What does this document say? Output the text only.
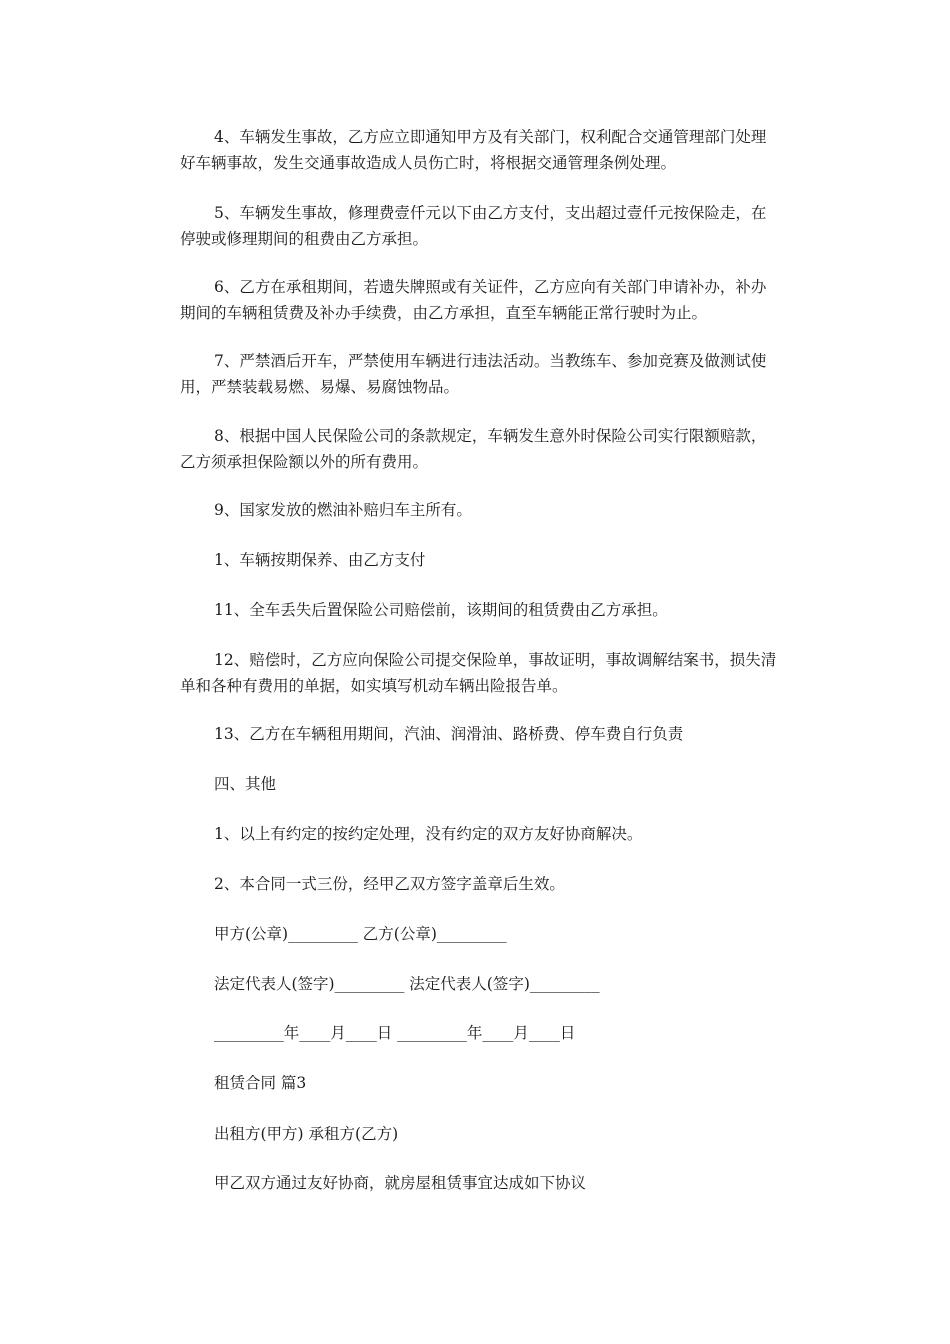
4、车辆发生事故，乙方应立即通知甲方及有关部门，权利配合交通管理部门处理好车辆事故，发生交通事故造成人员伤亡时，将根据交通管理条例处理。

5、车辆发生事故，修理费壹仟元以下由乙方支付，支出超过壹仟元按保险走，在停驶或修理期间的租费由乙方承担。

6、乙方在承租期间，若遗失牌照或有关证件，乙方应向有关部门申请补办，补办期间的车辆租赁费及补办手续费，由乙方承担，直至车辆能正常行驶时为止。

7、严禁酒后开车，严禁使用车辆进行违法活动。当教练车、参加竞赛及做测试使用，严禁装载易燃、易爆、易腐蚀物品。

8、根据中国人民保险公司的条款规定，车辆发生意外时保险公司实行限额赔款，乙方须承担保险额以外的所有费用。

9、国家发放的燃油补赔归车主所有。

1、车辆按期保养、由乙方支付

11、全车丢失后置保险公司赔偿前，该期间的租赁费由乙方承担。

12、赔偿时，乙方应向保险公司提交保险单，事故证明，事故调解结案书，损失清单和各种有费用的单据，如实填写机动车辆出险报告单。

13、乙方在车辆租用期间，汽油、润滑油、路桥费、停车费自行负责

四、其他

1、以上有约定的按约定处理，没有约定的双方友好协商解决。

2、本合同一式三份，经甲乙双方签字盖章后生效。

甲方(公章)_________ 乙方(公章)_________

法定代表人(签字)_________ 法定代表人(签字)_________

_________年____月____日 _________年____月____日

租赁合同 篇3

出租方(甲方) 承租方(乙方)

甲乙双方通过友好协商，就房屋租赁事宜达成如下协议
